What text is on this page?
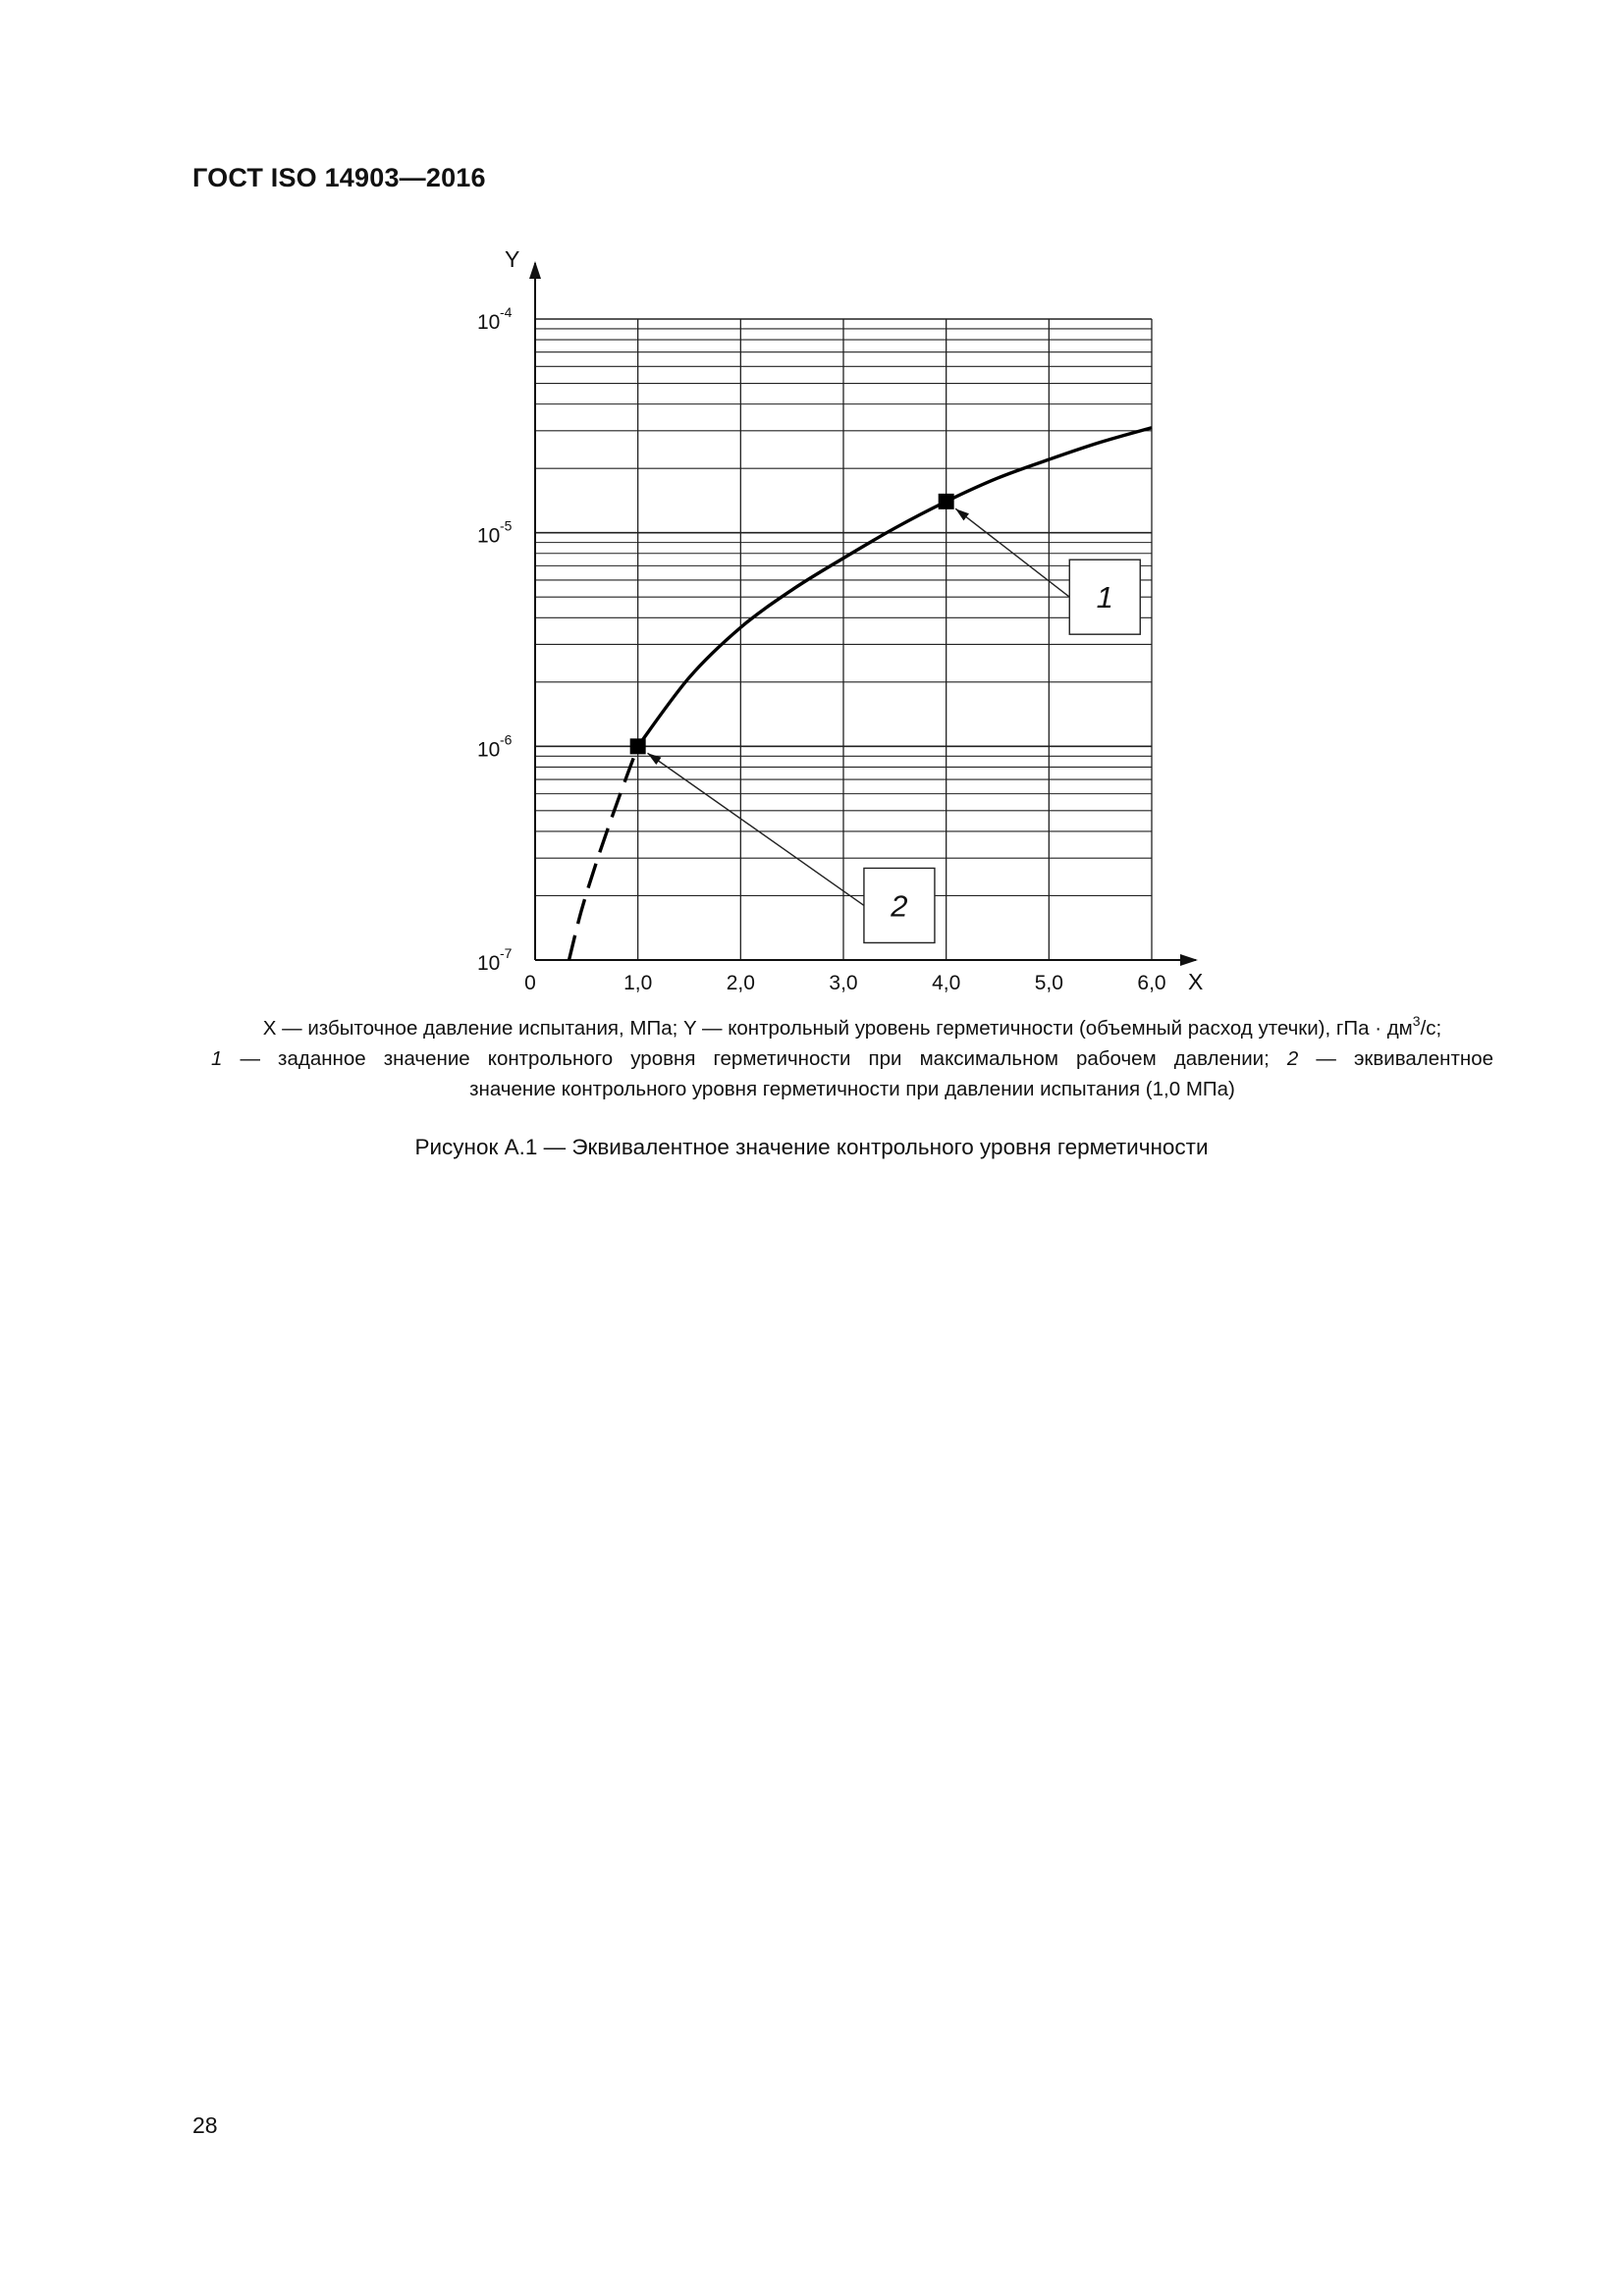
ГОСТ ISO 14903—2016
1
2
Y
X
0	1,0	2,0	3,0	4,0	5,0	6,0
10 -7
10 -6
10 -5
10 -4

X — избыточное давление испытания, МПа; Y — контрольный уровень герметичности (объемный расход утечки), гПа · $дм^3/с$;

1 — заданное значение контрольного уровня герметичности при максимальном рабочем давлении; 2 — эквивалентное

значение контрольного уровня герметичности при давлении испытания (1,0 МПа)

Рисунок А.1 — Эквивалентное значение контрольного уровня герметичности
28
